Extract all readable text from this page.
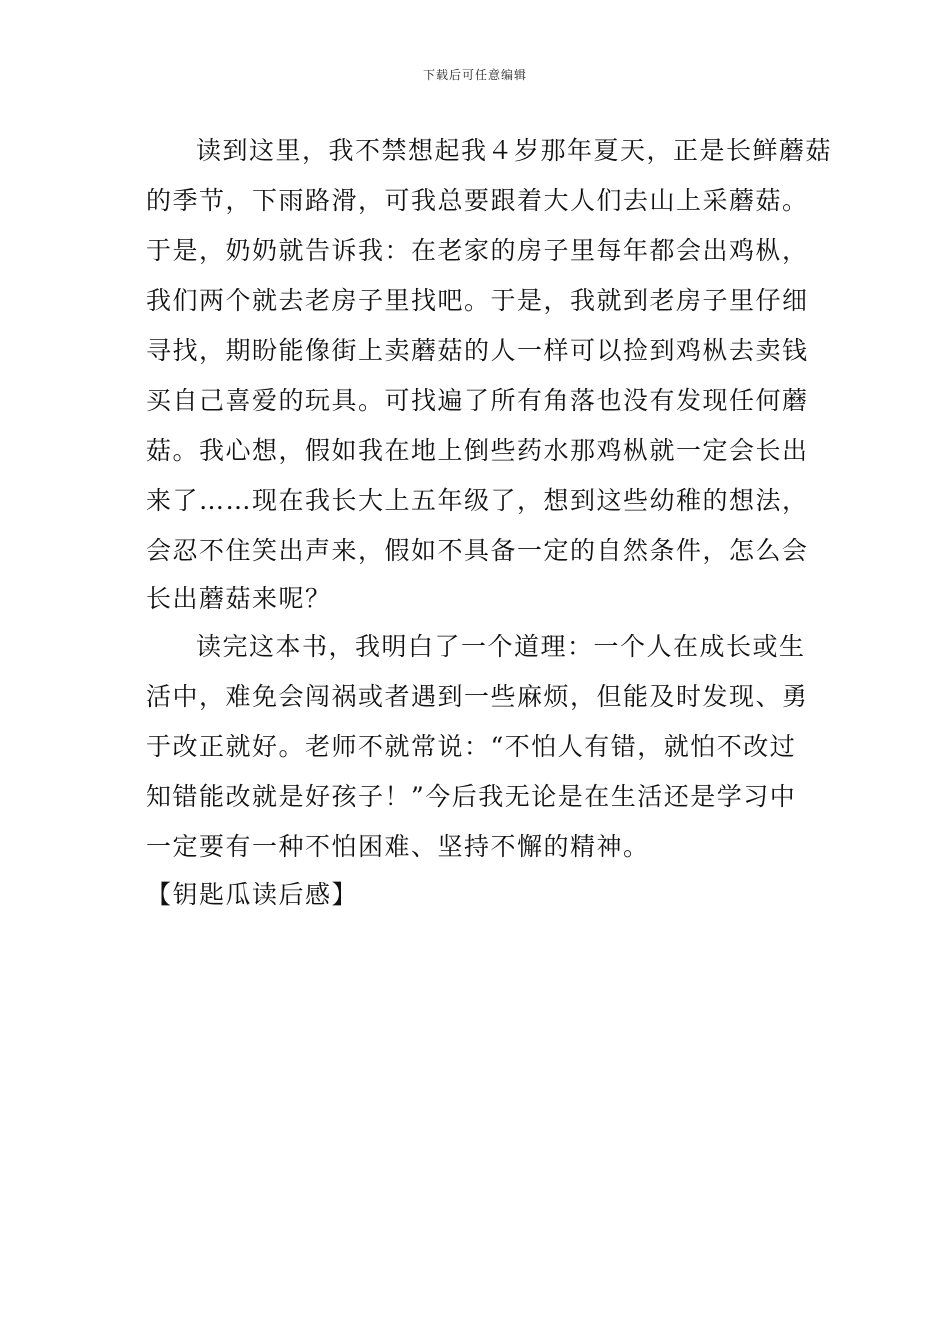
下载后可任意编辑
读到这里，我不禁想起我４岁那年夏天，正是长鲜蘑菇
的季节，下雨路滑，可我总要跟着大人们去山上采蘑菇。
于是，奶奶就告诉我：在老家的房子里每年都会出鸡枞，
我们两个就去老房子里找吧。于是，我就到老房子里仔细
寻找，期盼能像街上卖蘑菇的人一样可以捡到鸡枞去卖钱
买自己喜爱的玩具。可找遍了所有角落也没有发现任何蘑
菇。我心想，假如我在地上倒些药水那鸡枞就一定会长出
来了……现在我长大上五年级了，想到这些幼稚的想法，
会忍不住笑出声来，假如不具备一定的自然条件，怎么会
长出蘑菇来呢？
读完这本书，我明白了一个道理：一个人在成长或生
活中，难免会闯祸或者遇到一些麻烦，但能及时发现、勇
于改正就好。老师不就常说：“不怕人有错，就怕不改过
知错能改就是好孩子！”今后我无论是在生活还是学习中
一定要有一种不怕困难、坚持不懈的精神。
【钥匙瓜读后感】
